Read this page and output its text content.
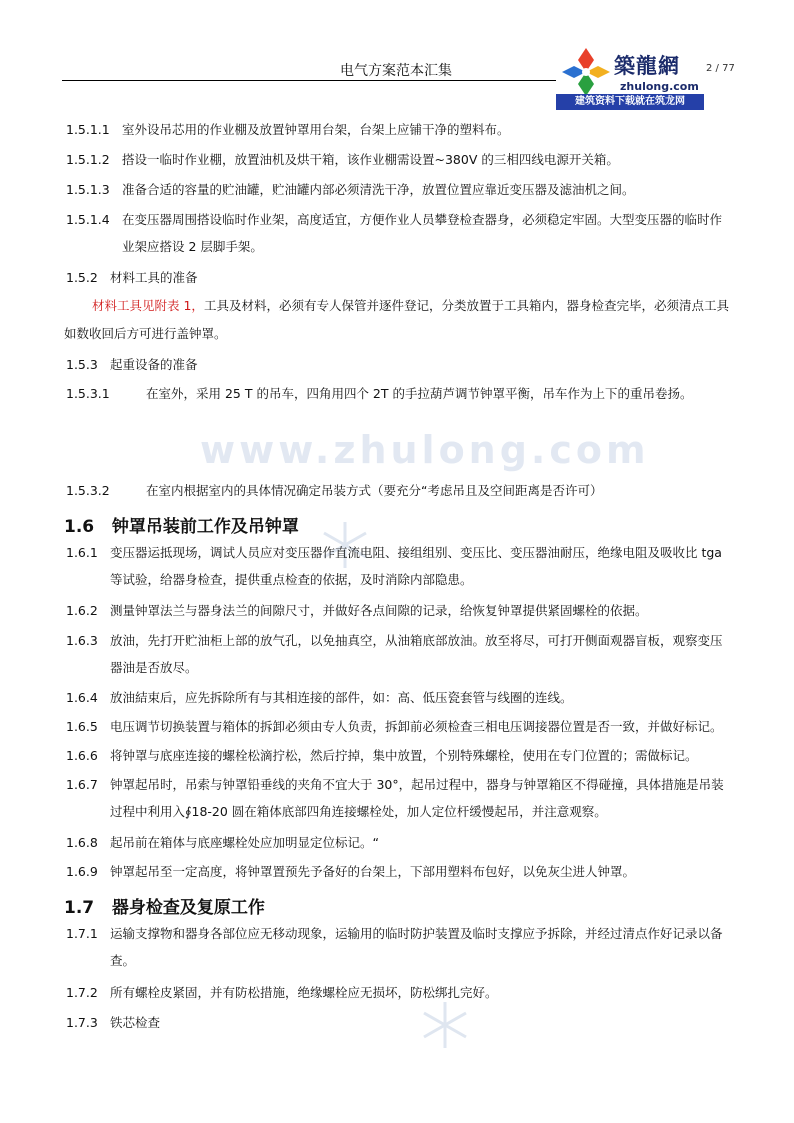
电气方案范本汇集	築龍網
zhulong.com
建筑资料下载就在筑龙网
2 / 77
www.zhulong.com
1.5.1.1 室外设吊芯用的作业棚及放置钟罩用台架，台架上应铺干净的塑料布。
1.5.1.2 搭设一临时作业棚，放置油机及烘干箱，该作业棚需设置~380V 的三相四线电源开关箱。
1.5.1.3 准备合适的容量的贮油罐，贮油罐内部必须清洗干净，放置位置应靠近变压器及滤油机之间。
1.5.1.4 在变压器周围搭设临时作业架，高度适宜，方便作业人员攀登检查器身，必须稳定牢固。大型变压器的临时作
业架应搭设 2 层脚手架。
1.5.2 材料工具的准备
材料工具见附表 1，工具及材料，必须有专人保管并逐件登记，分类放置于工具箱内，器身检查完毕，必须清点工具
如数收回后方可进行盖钟罩。
1.5.3 起重设备的准备
1.5.3.1	在室外，采用 25 T 的吊车，四角用四个 2T 的手拉葫芦调节钟罩平衡，吊车作为上下的重吊卷扬。
1.5.3.2	在室内根据室内的具体情况确定吊装方式（要充分“考虑吊且及空间距离是否许可）
1.6 钟罩吊装前工作及吊钟罩
1.6.1 变压器运抵现场，调试人员应对变压器作直流电阻、接组组别、变压比、变压器油耐压，绝缘电阻及吸收比 tga
等试验，给器身检查，提供重点检查的依据，及时消除内部隐患。
1.6.2 测量钟罩法兰与器身法兰的间隙尺寸，并做好各点间隙的记录，给恢复钟罩提供紧固螺栓的依据。
1.6.3 放油，先打开贮油柜上部的放气孔，以免抽真空，从油箱底部放油。放至将尽，可打开侧面观器盲板，观察变压
器油是否放尽。
1.6.4 放油結束后，应先拆除所有与其相连接的部件，如：高、低压瓷套管与线圈的连线。
1.6.5 电压调节切换装置与箱体的拆卸必须由专人负责，拆卸前必须检查三相电压调接器位置是否一致，并做好标记。
1.6.6 将钟罩与底座连接的螺栓松滴拧松，然后拧掉，集中放置，个别特殊螺栓，使用在专门位置的；需做标记。
1.6.7 钟罩起吊时，吊索与钟罩铅垂线的夹角不宜大于 30°，起吊过程中，器身与钟罩箱区不得碰撞，具体措施是吊装
过程中利用入∮18-20 圆在箱体底部四角连接螺栓处，加人定位杆缓慢起吊，并注意观察。
1.6.8 起吊前在箱体与底座螺栓处应加明显定位标记。“
1.6.9 钟罩起吊至一定高度，将钟罩置预先予备好的台架上，下部用塑料布包好，以免灰尘进人钟罩。
1.7 器身检查及复原工作
1.7.1 运输支撑物和器身各部位应无移动现象，运输用的临时防护装置及临时支撑应予拆除，并经过清点作好记录以备
查。
1.7.2 所有螺栓皮紧固，并有防松措施，绝缘螺栓应无损坏，防松绑扎完好。
1.7.3 铁芯检查
